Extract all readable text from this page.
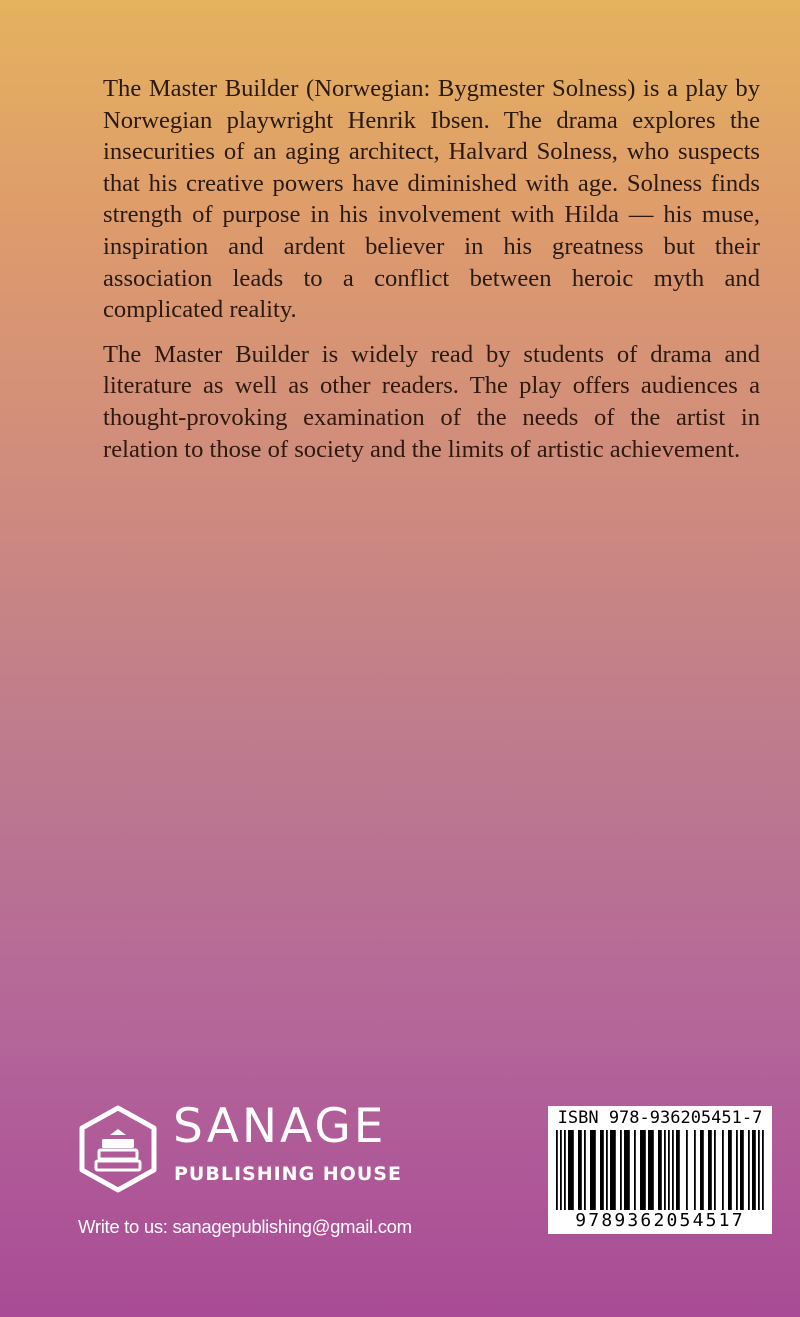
The Master Builder (Norwegian: Bygmester Solness) is a play by Norwegian playwright Henrik Ibsen. The drama explores the insecurities of an aging architect, Halvard Solness, who suspects that his creative powers have diminished with age. Solness finds strength of purpose in his involvement with Hilda — his muse, inspiration and ardent believer in his greatness but their association leads to a conflict between heroic myth and complicated reality.

The Master Builder is widely read by students of drama and literature as well as other readers. The play offers audiences a thought-provoking examination of the needs of the artist in relation to those of society and the limits of artistic achievement.

SANAGE
PUBLISHING HOUSE
Write to us: sanagepublishing@gmail.com
ISBN 978-936205451-7
9789362054517
